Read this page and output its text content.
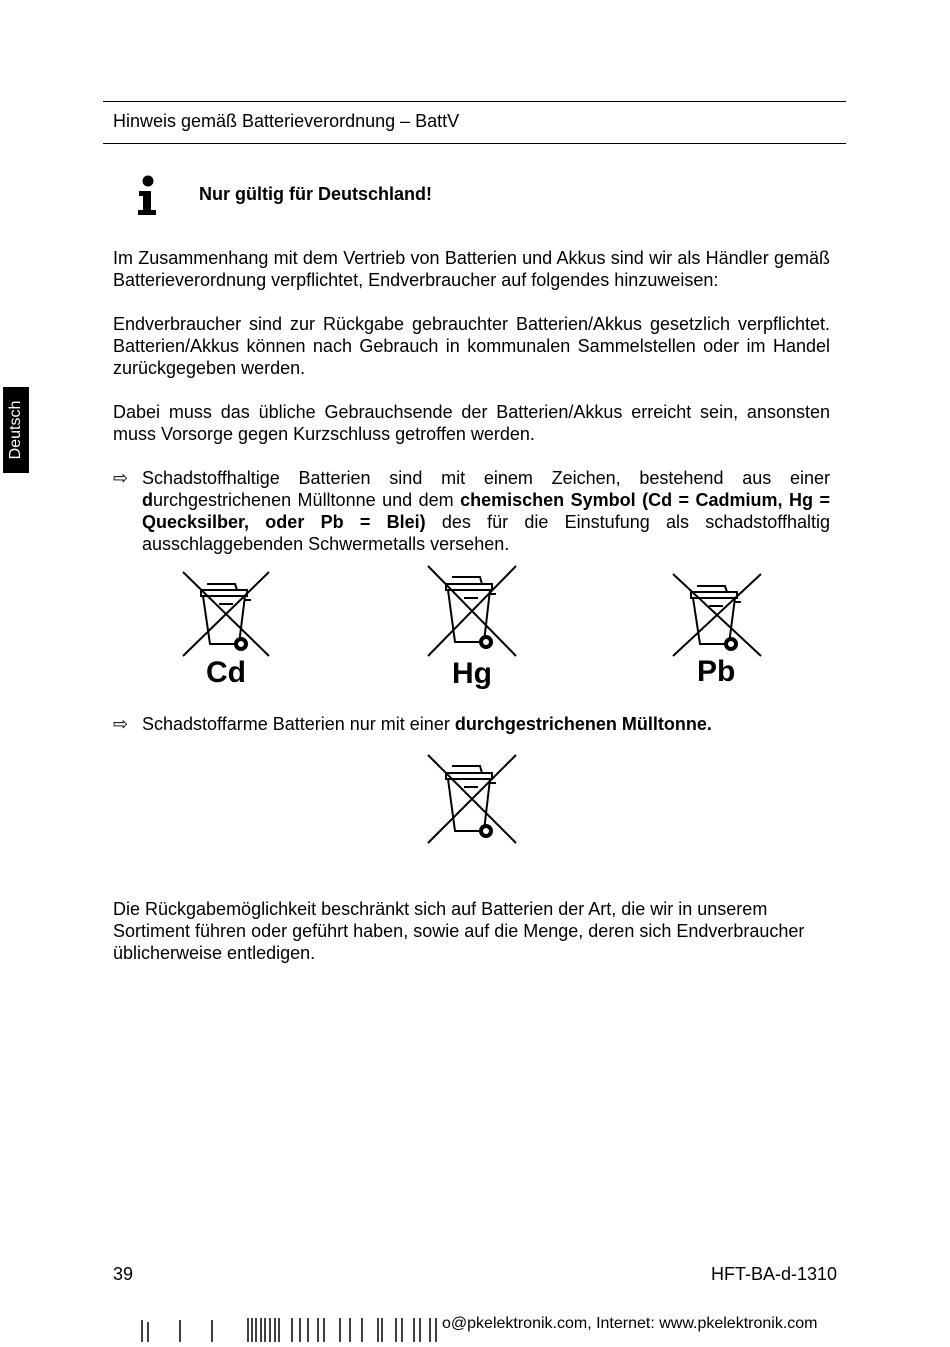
Hinweis gemäß Batterieverordnung – BattV
Deutsch
Nur gültig für Deutschland!

Im Zusammenhang mit dem Vertrieb von Batterien und Akkus sind wir als Händler gemäß Batterieverordnung verpflichtet, Endverbraucher auf folgendes hinzuweisen:

Endverbraucher sind zur Rückgabe gebrauchter Batterien/Akkus gesetzlich verpflichtet. Batterien/Akkus können nach Gebrauch in kommunalen Sammelstellen oder im Handel zurückgegeben werden.

Dabei muss das übliche Gebrauchsende der Batterien/Akkus erreicht sein, ansonsten muss Vorsorge gegen Kurzschluss getroffen werden.

⇨ Schadstoffhaltige Batterien sind mit einem Zeichen, bestehend aus einer durchgestrichenen Mülltonne und dem chemischen Symbol (Cd = Cadmium, Hg = Quecksilber, oder Pb = Blei) des für die Einstufung als schadstoffhaltig ausschlaggebenden Schwermetalls versehen.
Cd	Hg	Pb
⇨ Schadstoffarme Batterien nur mit einer durchgestrichenen Mülltonne.

Die Rückgabemöglichkeit beschränkt sich auf Batterien der Art, die wir in unserem Sortiment führen oder geführt haben, sowie auf die Menge, deren sich Endverbraucher üblicherweise entledigen.

39	HFT-BA-d-1310
o@pkelektronik.com, Internet: www.pkelektronik.com
